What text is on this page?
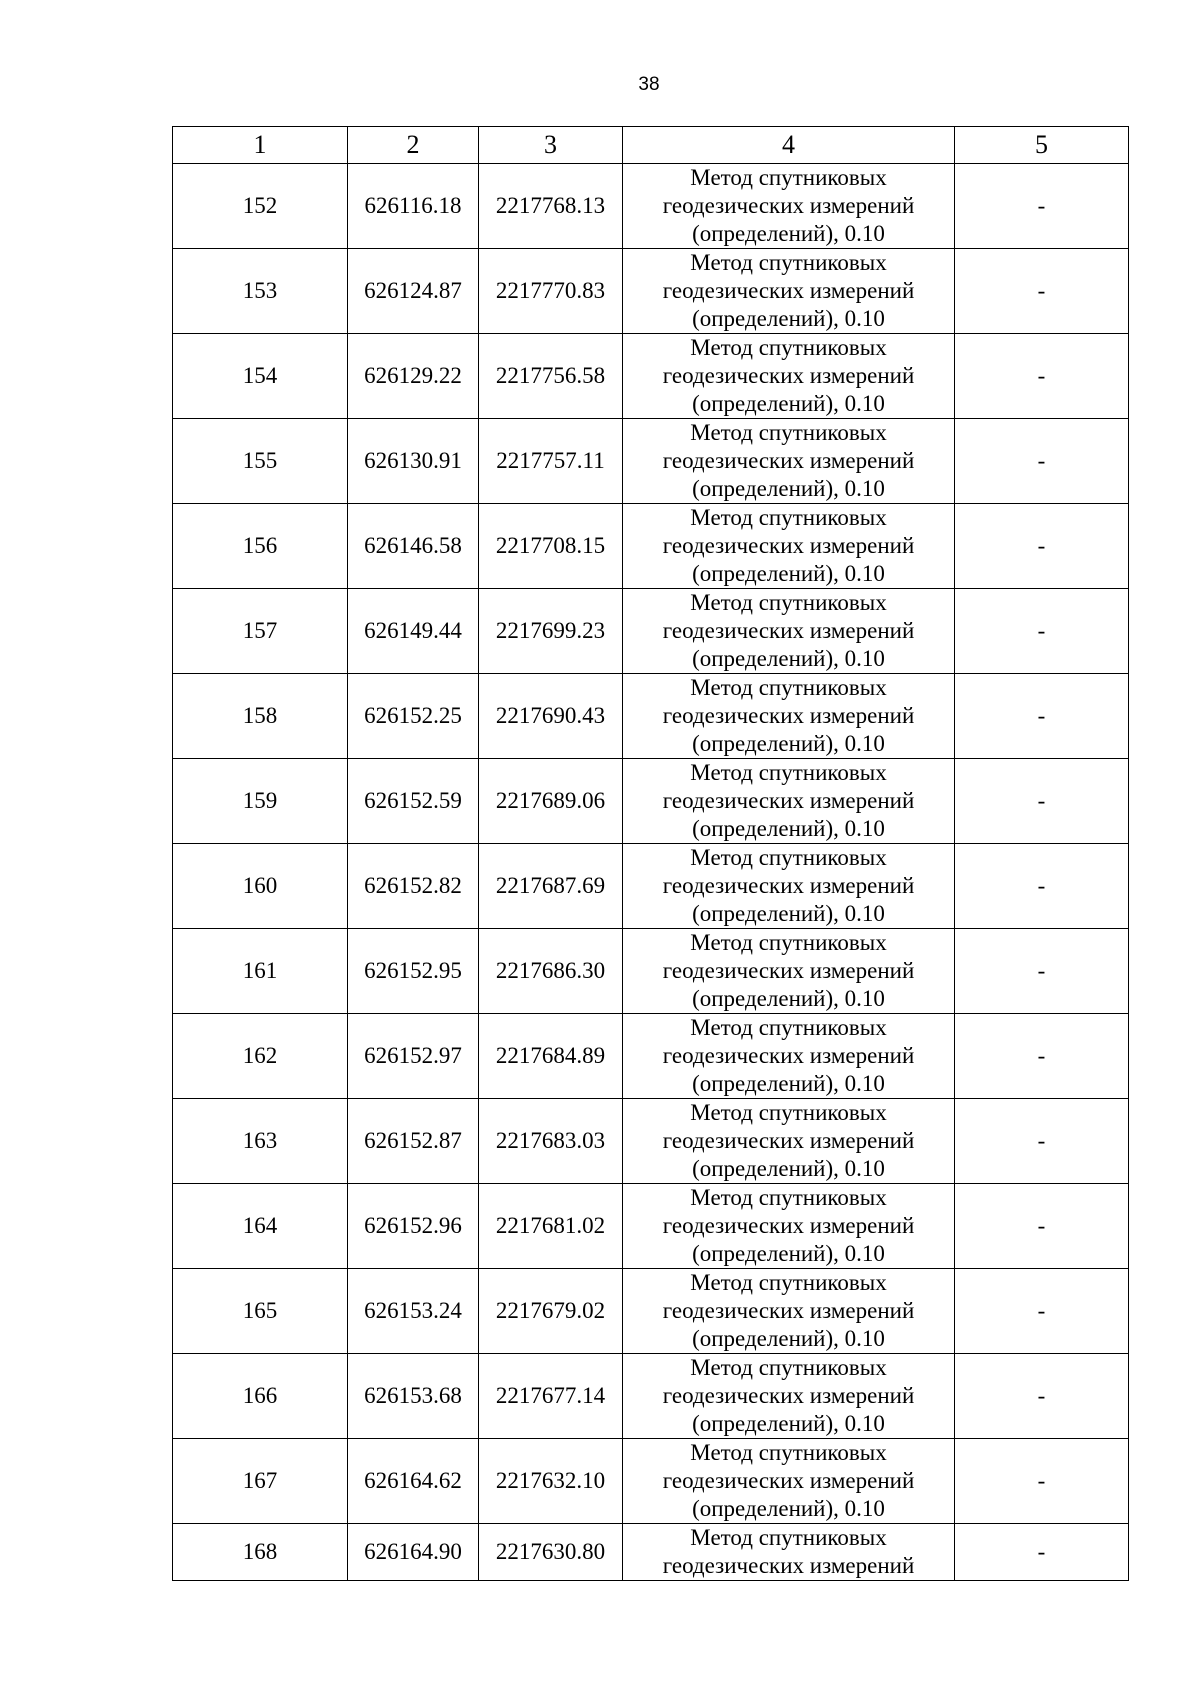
38
1	2	3	4	5
152	626116.18	2217768.13	Метод спутниковых
геодезических измерений
(определений), 0.10	-
153	626124.87	2217770.83	Метод спутниковых
геодезических измерений
(определений), 0.10	-
154	626129.22	2217756.58	Метод спутниковых
геодезических измерений
(определений), 0.10	-
155	626130.91	2217757.11	Метод спутниковых
геодезических измерений
(определений), 0.10	-
156	626146.58	2217708.15	Метод спутниковых
геодезических измерений
(определений), 0.10	-
157	626149.44	2217699.23	Метод спутниковых
геодезических измерений
(определений), 0.10	-
158	626152.25	2217690.43	Метод спутниковых
геодезических измерений
(определений), 0.10	-
159	626152.59	2217689.06	Метод спутниковых
геодезических измерений
(определений), 0.10	-
160	626152.82	2217687.69	Метод спутниковых
геодезических измерений
(определений), 0.10	-
161	626152.95	2217686.30	Метод спутниковых
геодезических измерений
(определений), 0.10	-
162	626152.97	2217684.89	Метод спутниковых
геодезических измерений
(определений), 0.10	-
163	626152.87	2217683.03	Метод спутниковых
геодезических измерений
(определений), 0.10	-
164	626152.96	2217681.02	Метод спутниковых
геодезических измерений
(определений), 0.10	-
165	626153.24	2217679.02	Метод спутниковых
геодезических измерений
(определений), 0.10	-
166	626153.68	2217677.14	Метод спутниковых
геодезических измерений
(определений), 0.10	-
167	626164.62	2217632.10	Метод спутниковых
геодезических измерений
(определений), 0.10	-
168	626164.90	2217630.80	Метод спутниковых
геодезических измерений	-
